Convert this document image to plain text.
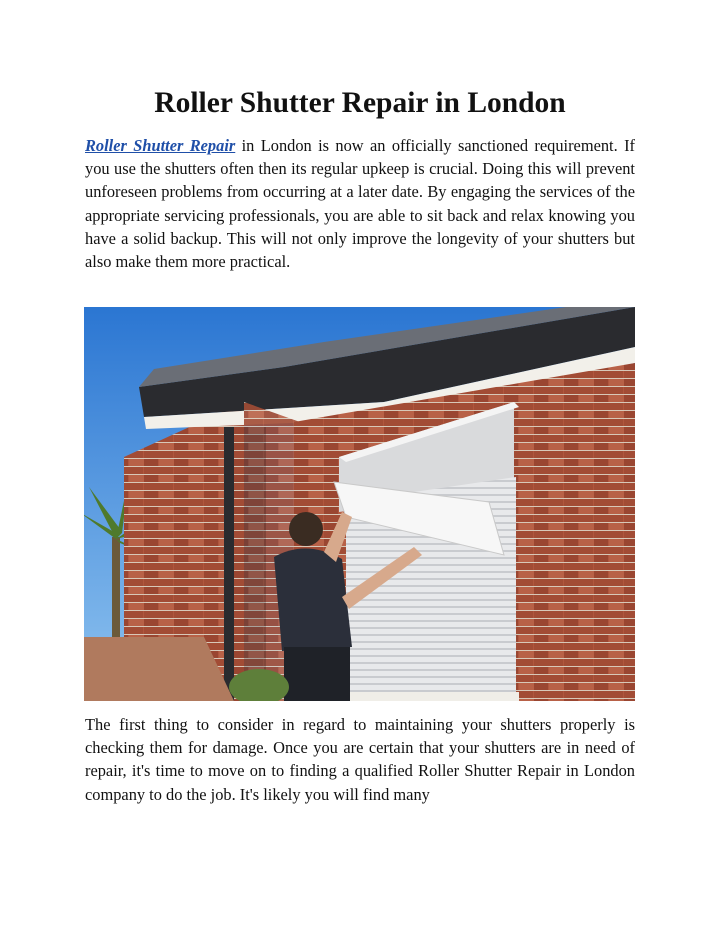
Roller Shutter Repair in London

Roller Shutter Repair in London is now an officially sanctioned requirement. If you use the shutters often then its regular upkeep is crucial. Doing this will prevent unforeseen problems from occurring at a later date. By engaging the services of the appropriate servicing professionals, you are able to sit back and relax knowing you have a solid backup. This will not only improve the longevity of your shutters but also make them more practical.

The first thing to consider in regard to maintaining your shutters properly is checking them for damage. Once you are certain that your shutters are in need of repair, it's time to move on to finding a qualified Roller Shutter Repair in London company to do the job. It's likely you will find many
